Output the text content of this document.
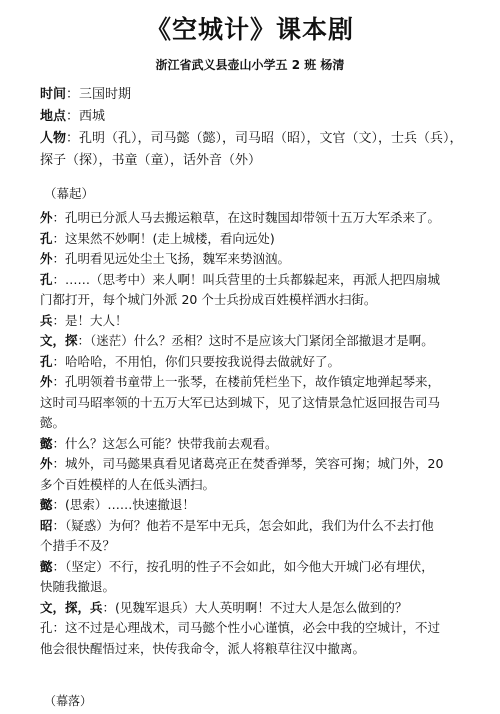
《空城计》课本剧

浙江省武义县壶山小学五 2 班 杨清

时间：三国时期

地点：西城

人物：孔明（孔），司马懿（懿），司马昭（昭），文官（文），士兵（兵），

探子（探），书童（童），话外音（外）

（幕起）

外：孔明已分派人马去搬运粮草，在这时魏国却带领十五万大军杀来了。

孔：这果然不妙啊！(走上城楼，看向远处)

外：孔明看见远处尘土飞扬，魏军来势汹汹。

孔：……（思考中）来人啊！叫兵营里的士兵都躲起来，再派人把四扇城

门都打开，每个城门外派 20 个士兵扮成百姓模样洒水扫街。

兵：是！大人！

文，探：（迷茫）什么？丞相？这时不是应该大门紧闭全部撤退才是啊。

孔：哈哈哈，不用怕，你们只要按我说得去做就好了。

外：孔明领着书童带上一张琴，在楼前凭栏坐下，故作镇定地弹起琴来，

这时司马昭率领的十五万大军已达到城下，见了这情景急忙返回报告司马

懿。

懿：什么？这怎么可能？快带我前去观看。

外：城外，司马懿果真看见诸葛亮正在焚香弹琴，笑容可掬；城门外，20

多个百姓模样的人在低头洒扫。

懿：(思索）……快速撤退！

昭：（疑惑）为何？他若不是军中无兵，怎会如此，我们为什么不去打他

个措手不及？

懿：（坚定）不行，按孔明的性子不会如此，如今他大开城门必有埋伏，

快随我撤退。

文，探，兵：(见魏军退兵）大人英明啊！不过大人是怎么做到的？

孔：这不过是心理战术，司马懿个性小心谨慎，必会中我的空城计，不过

他会很快醒悟过来，快传我命令，派人将粮草往汉中撤离。

（幕落）
